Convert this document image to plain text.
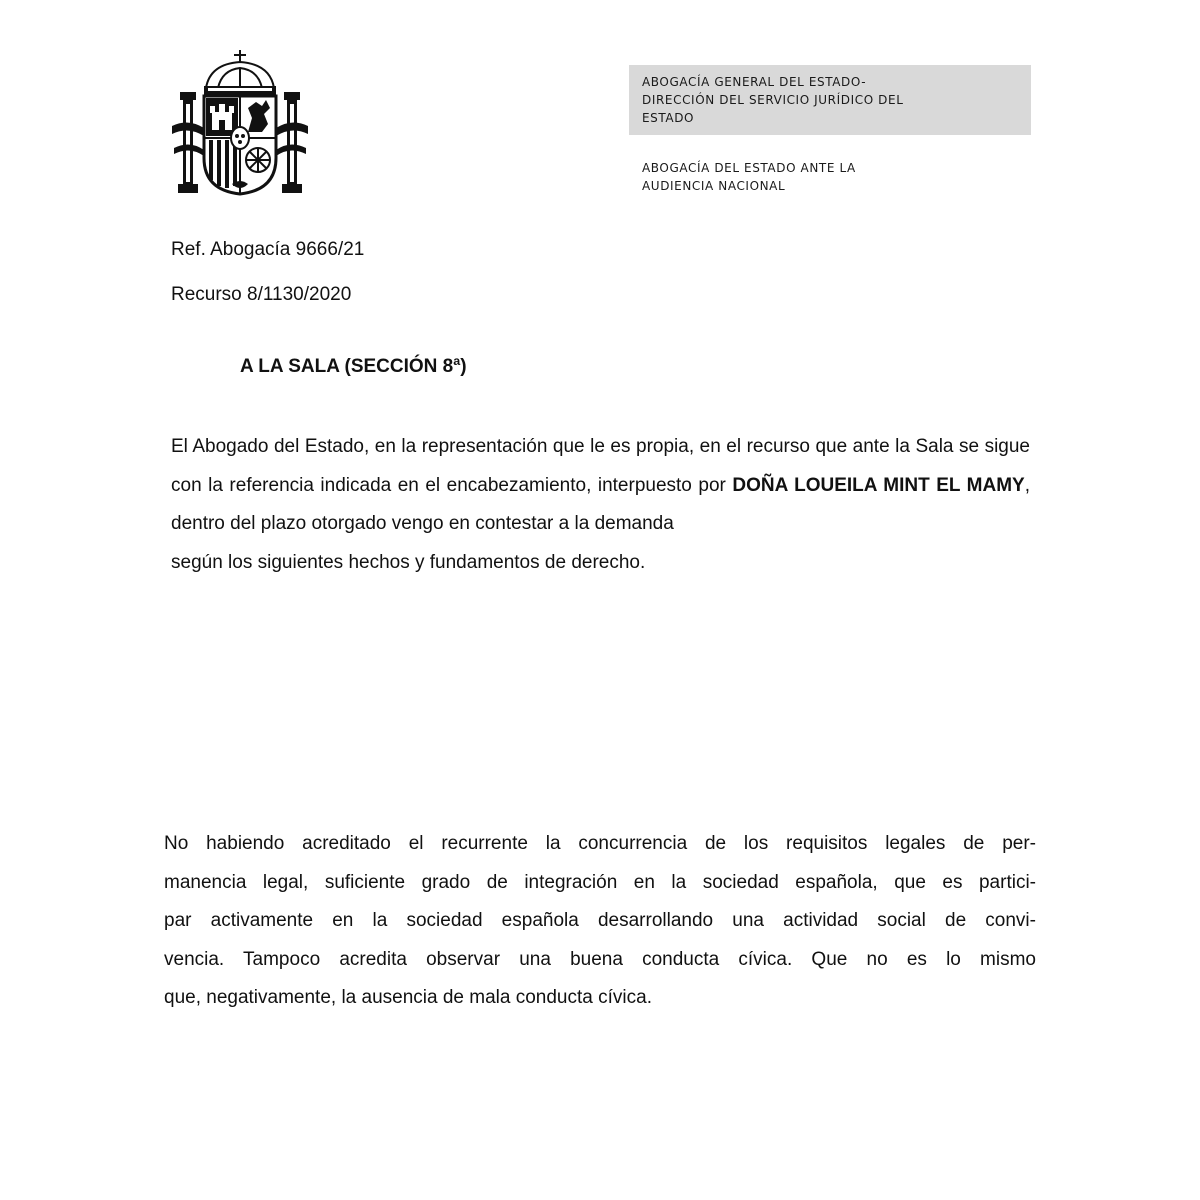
ABOGACÍA GENERAL DEL ESTADO-
DIRECCIÓN DEL SERVICIO JURÍDICO DEL
ESTADO
ABOGACÍA DEL ESTADO ANTE LA
AUDIENCIA NACIONAL
Ref. Abogacía 9666/21
Recurso 8/1130/2020
A LA SALA (SECCIÓN 8ª)
El Abogado del Estado, en la representación que le es propia, en el recurso que ante la Sala se sigue con la referencia indicada en el encabezamiento, interpuesto por DOÑA LOUEILA MINT EL MAMY, dentro del plazo otorgado vengo en contestar a la demanda
según los siguientes hechos y fundamentos de derecho.
No habiendo acreditado el recurrente la concurrencia de los requisitos legales de per-
manencia legal, suficiente grado de integración en la sociedad española, que es partici-
par activamente en la sociedad española desarrollando una actividad social de convi-
vencia. Tampoco acredita observar una buena conducta cívica. Que no es lo mismo
que, negativamente, la ausencia de mala conducta cívica.
